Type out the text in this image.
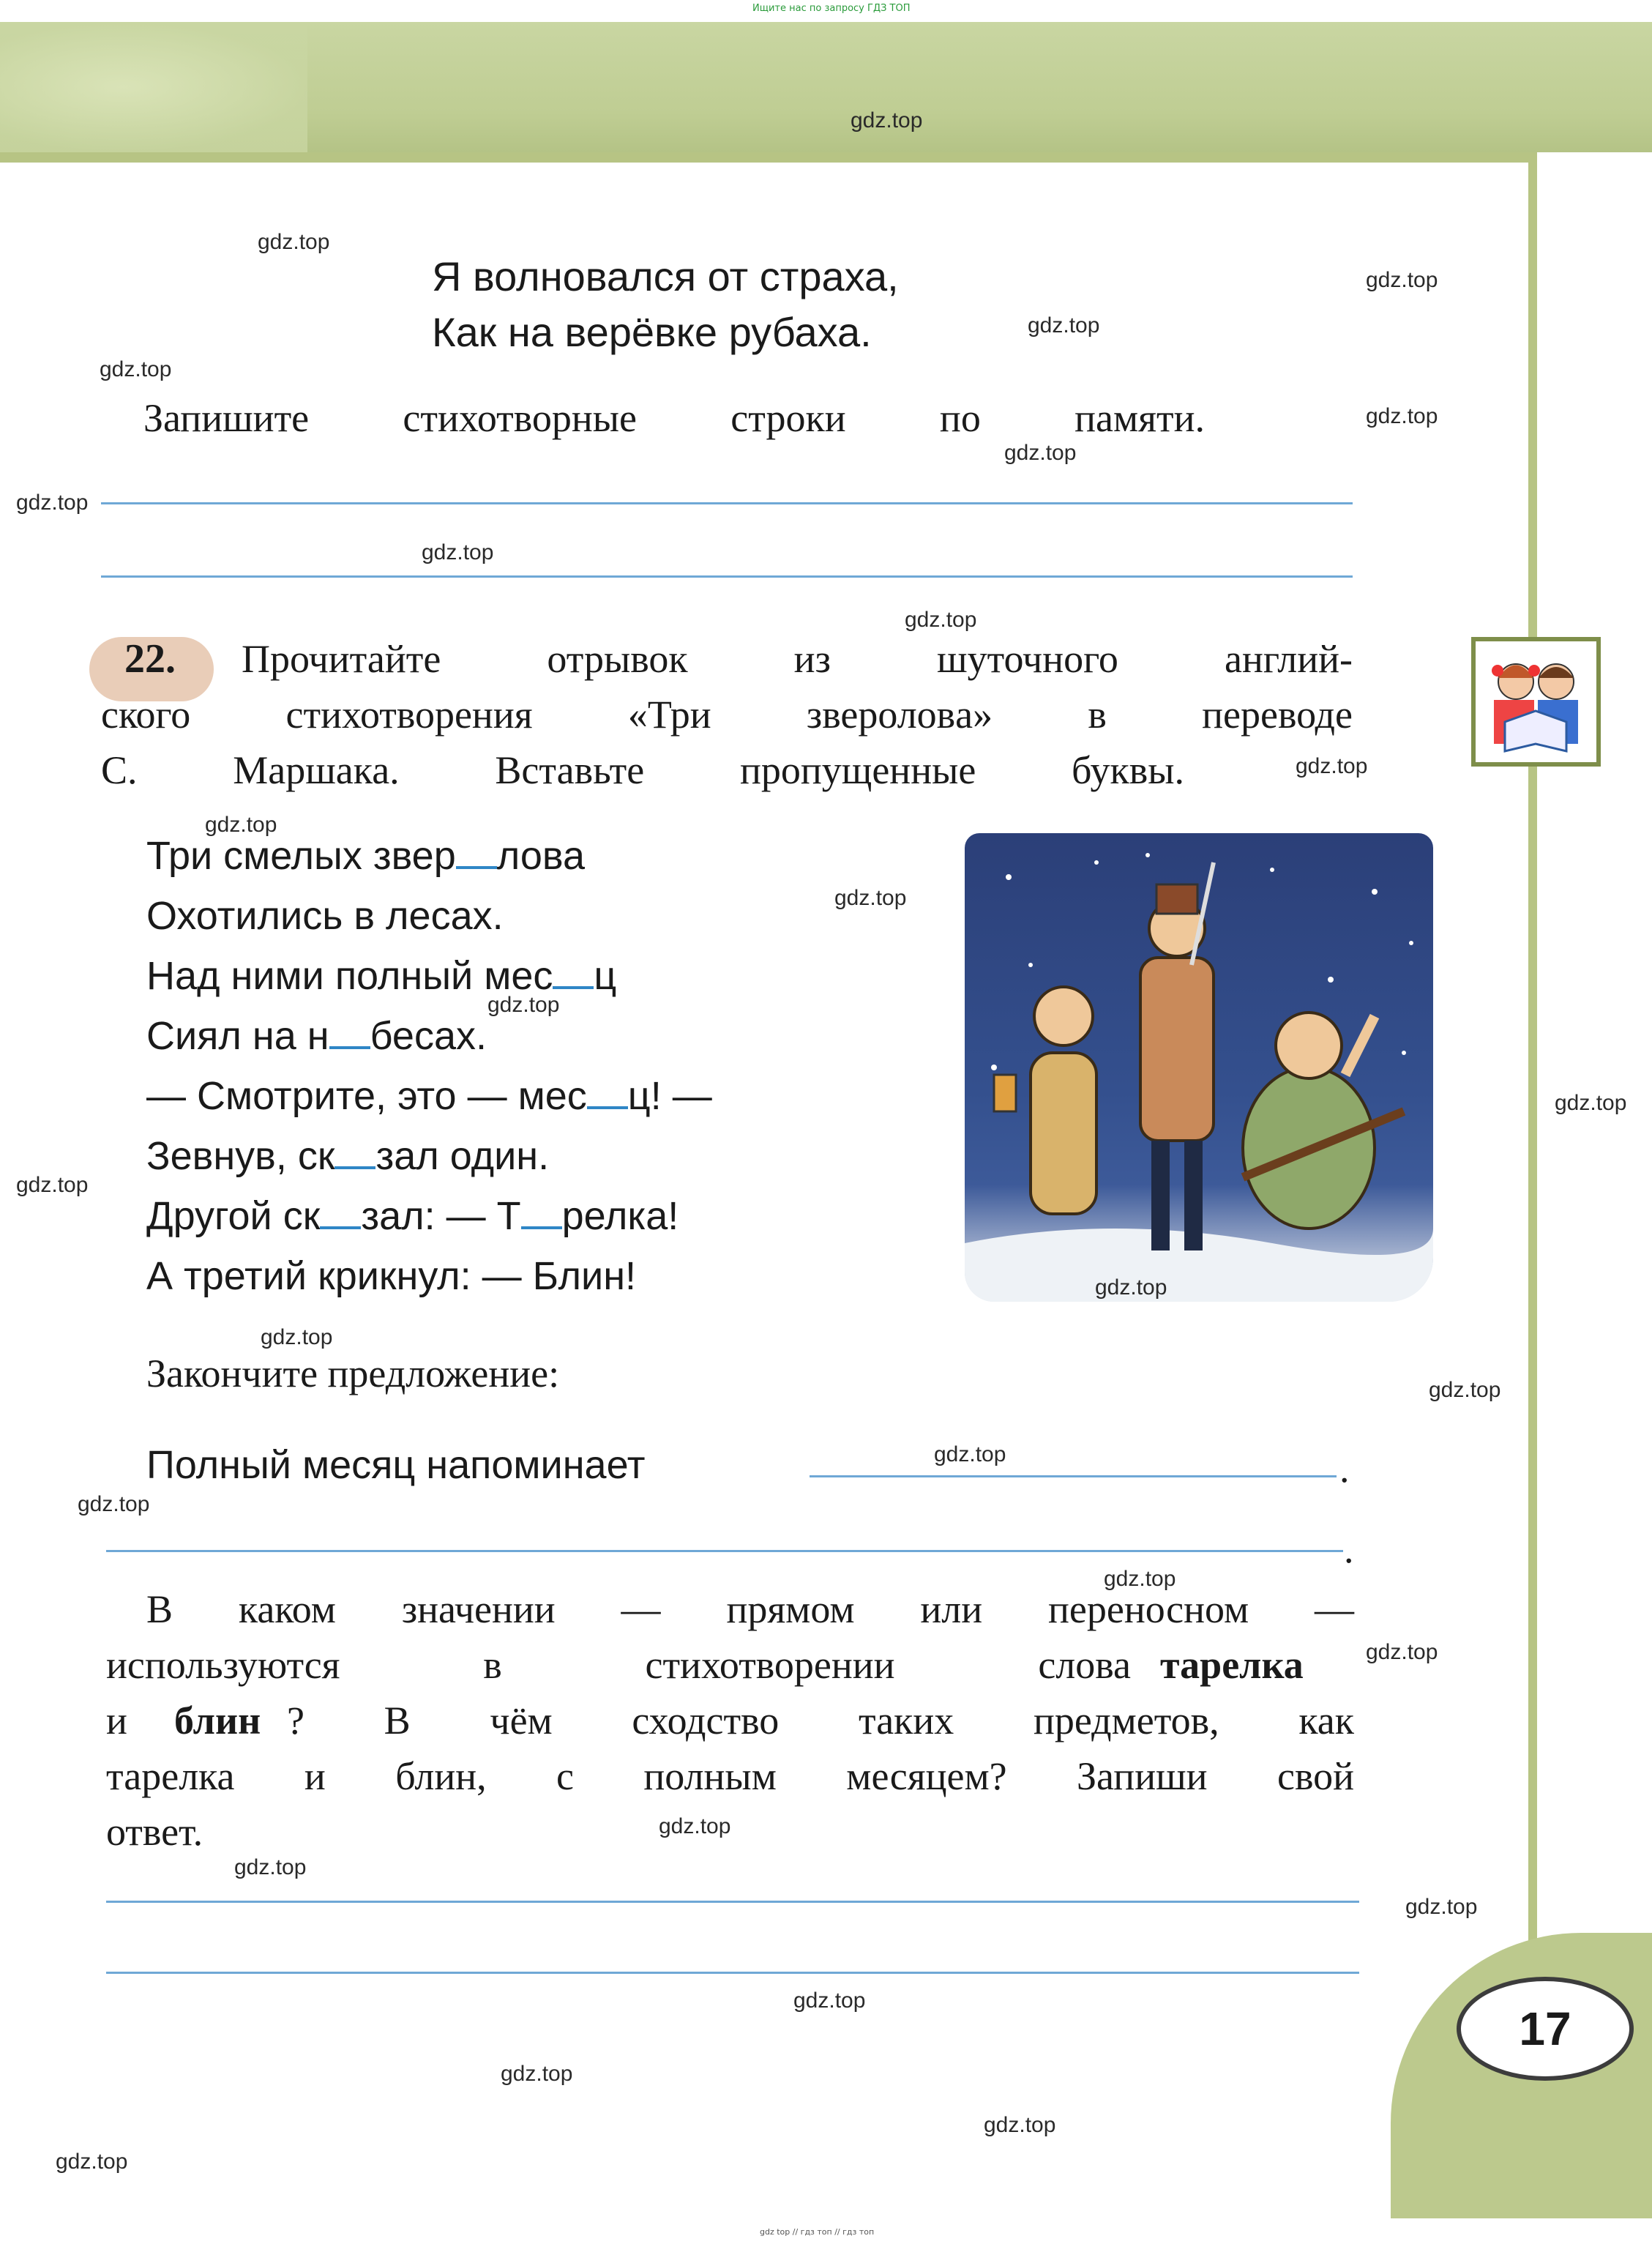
Ищите нас по запросу ГДЗ ТОП
17
Я волновался от страха,
Как на верёвке рубаха.
Запишите стихотворные строки по памяти.
22. Прочитайте отрывок из шуточного англий-
ского стихотворения «Три звероловa» в переводе
С. Маршака. Вставьте пропущенные буквы.
Три смелых звер лова
Охотились в лесах.
Над ними полный мес ц
Сиял на н бесах.
— Смотрите, это — мес ц! —
Зевнув, ск зал один.
Другой ск зал: — Т релка!
А третий крикнул: — Блин!
Закончите предложение:
Полный месяц напоминает	.
.
В каком значении — прямом или переносном —
используются в стихотворении слова тарелка
и блин ? В чём сходство таких предметов, как
тарелка и блин, с полным месяцем? Запиши свой
ответ.
gdz.top
gdz.top
gdz.top
gdz.top
gdz.top
gdz.top
gdz.top
gdz.top
gdz.top
gdz.top
gdz.top
gdz.top
gdz.top
gdz.top
gdz.top
gdz.top
gdz.top
gdz.top
gdz.top
gdz.top
gdz.top
gdz.top
gdz.top
gdz.top
gdz.top
gdz.top
gdz.top
gdz.top
gdz.top
gdz.top
gdz top // гдз топ // гдз топ
